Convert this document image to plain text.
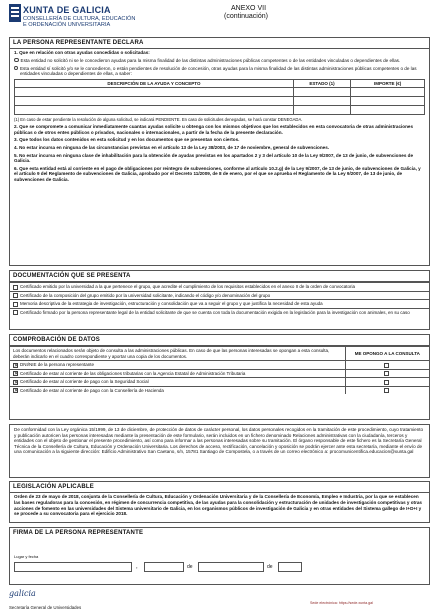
XUNTA DE GALICIA
CONSELLERÍA DE CULTURA, EDUCACIÓN
E ORDENACIÓN UNIVERSITARIA
ANEXO VII
(continuación)
LA PERSONA REPRESENTANTE DECLARA
1. Que en relación con otras ayudas concedidas o solicitadas:
Esta entidad no solicitó ni se le concedieron ayudas para la misma finalidad de las distintas administraciones públicas competentes o de las entidades vinculadas o dependientes de ellas.
Esta entidad sí solicitó y/o se le concedieron, o están pendientes de resolución de concesión, otras ayudas para la misma finalidad de las distintas administraciones públicas competentes o de las entidades vinculadas o dependientes de ellas, a saber:
DESCRIPCIÓN DE LA AYUDA Y CONCEPTO	ESTADO (1)	IMPORTE (€)

(1) En caso de estar pendiente la resolución de alguna solicitud, se indicará PENDIENTE. En caso de solicitudes denegadas, se hará constar DENEGADA.
2. Que se compromete a comunicar inmediatamente cuantas ayudas solicite u obtenga con los mismos objetivos que los establecidos en esta convocatoria de otras administraciones públicas o de otros entes públicos o privados, nacionales o internacionales, a partir de la fecha de la presente declaración.
3. Que todos los datos contenidos en esta solicitud y en los documentos que se presentan son ciertos.
4. No estar incursa en ninguna de las circunstancias previstas en el artículo 13 de la Ley 38/2003, de 17 de noviembre, general de subvenciones.
5. No estar incursa en ninguna clase de inhabilitación para la obtención de ayudas previstas en los apartados 2 y 3 del artículo 10 de la Ley 9/2007, de 13 de junio, de subvenciones de Galicia.
6. Que esta entidad está al corriente en el pago de obligaciones por reintegro de subvenciones, conforme al artículo 10.2.g) de la Ley 9/2007, de 13 de junio, de subvenciones de Galicia, y el artículo 9 del Reglamento de subvenciones de Galicia, aprobado por el Decreto 11/2009, de 8 de enero, por el que se aprueba el Reglamento de la Ley 9/2007, de 13 de junio, de subvenciones de Galicia.
DOCUMENTACIÓN QUE SE PRESENTA
Certificado emitido por la universidad a la que pertenece el grupo, que acredite el cumplimiento de los requisitos establecidos en el anexo II de la orden de convocatoria
Certificado de la composición del grupo emitido por la universidad solicitante, indicando el código y/o denominación del grupo
Memoria descriptiva de la estrategia de investigación, estructuración y consolidación que va a seguir el grupo y que justifica la necesidad de esta ayuda
Certificado firmado por la persona representante legal de la entidad solicitante de que se cuenta con toda la documentación exigida en la legislación para la investigación con animales, en su caso
COMPROBACIÓN DE DATOS
Los documentos relacionados serán objeto de consulta a las administraciones públicas. En caso de que las personas interesadas se opongan a esta consulta, deberán indicarlo en el cuadro correspondiente y aportar una copia de los documentos.	ME OPONGO A LA CONSULTA
✕ DNI/NIE de la persona representante	
✕ Certificado de estar al corriente de las obligaciones tributarias con la Agencia Estatal de Administración Tributaria	
✕ Certificado de estar al corriente de pago con la Seguridad Social	
✕ Certificado de estar al corriente de pago con la Consellería de Hacienda	
De conformidad con la Ley orgánica 15/1999, de 13 de diciembre, de protección de datos de carácter personal, los datos personales recogidos en la tramitación de este procedimiento, cuyo tratamiento y publicación autoricen las personas interesadas mediante la presentación de este formulario, serán incluidos en un fichero denominado Relaciones administrativas con la ciudadanía, terceros y entidades con el objeto de gestionar el presente procedimiento, así como para informar a las personas interesadas sobre su tramitación. El órgano responsable de este fichero es la Secretaría General Técnica de la Consellería de Cultura, Educación y Ordenación Universitaria. Los derechos de acceso, rectificación, cancelación y oposición se podrán ejercer ante esta secretaría, mediante el envío de una comunicación a la siguiente dirección: Edificio Administrativo San Caetano, s/n, 15781 Santiago de Compostela, o a través de un correo electrónico a: procomunicentifica.educacion@xunta.gal
LEGISLACIÓN APLICABLE
Orden de 23 de mayo de 2018, conjunta de la Consellería de Cultura, Educación y Ordenación Universitaria y de la Consellería de Economía, Empleo e Industria, por la que se establecen las bases reguladoras para la concesión, en régimen de concurrencia competitiva, de las ayudas para la consolidación y estructuración de unidades de investigación competitivas y otras acciones de fomento en las universidades del Sistema universitario de Galicia, en los organismos públicos de investigación de Galicia y en otras entidades del Sistema gallego de I+D+I y se procede a su convocatoria para el ejercicio 2018.
FIRMA DE LA PERSONA REPRESENTANTE
Lugar y fecha
,	de	de
galicia
Secretaría General de Universidades
Sede electrónica: https://sede.xunta.gal
